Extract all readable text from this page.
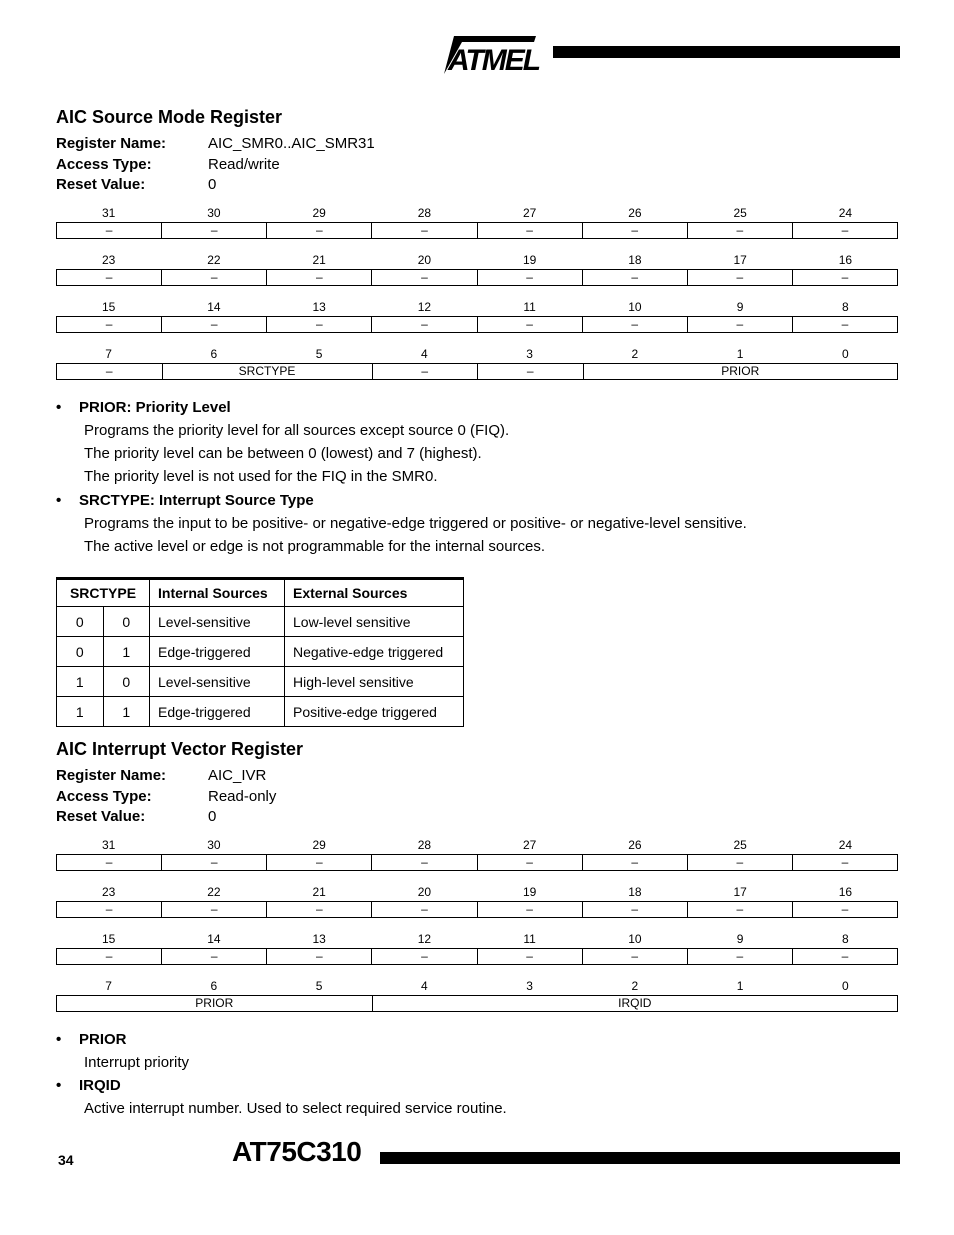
ATMEL
AIC Source Mode Register
Register Name:	AIC_SMR0..AIC_SMR31
Access Type:	Read/write
Reset Value:	0
31	30	29	28	27	26	25	24
–	–	–	–	–	–	–	–
23	22	21	20	19	18	17	16
–	–	–	–	–	–	–	–
15	14	13	12	11	10	9	8
–	–	–	–	–	–	–	–
7	6	5	4	3	2	1	0
–	SRCTYPE	–	–	PRIOR
• PRIOR: Priority Level
Programs the priority level for all sources except source 0 (FIQ).
The priority level can be between 0 (lowest) and 7 (highest).
The priority level is not used for the FIQ in the SMR0.
• SRCTYPE: Interrupt Source Type
Programs the input to be positive- or negative-edge triggered or positive- or negative-level sensitive.
The active level or edge is not programmable for the internal sources.
SRCTYPE		Internal Sources	External Sources
0	0	Level-sensitive	Low-level sensitive
0	1	Edge-triggered	Negative-edge triggered
1	0	Level-sensitive	High-level sensitive
1	1	Edge-triggered	Positive-edge triggered
AIC Interrupt Vector Register
Register Name:	AIC_IVR
Access Type:	Read-only
Reset Value:	0
31	30	29	28	27	26	25	24
–	–	–	–	–	–	–	–
23	22	21	20	19	18	17	16
–	–	–	–	–	–	–	–
15	14	13	12	11	10	9	8
–	–	–	–	–	–	–	–
7	6	5	4	3	2	1	0
PRIOR	IRQID
• PRIOR
Interrupt priority
• IRQID
Active interrupt number. Used to select required service routine.
34	AT75C310
